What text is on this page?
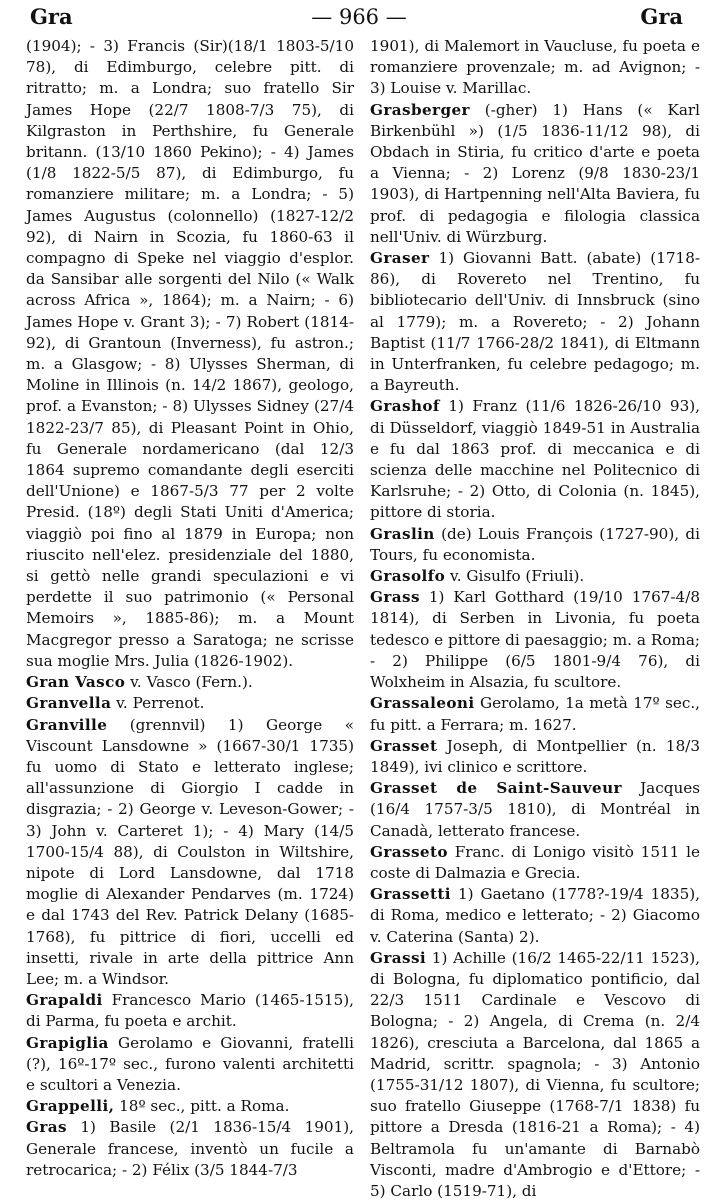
Gra	— 966 —	Gra

(1904); - 3) Francis (Sir)(18/1 1803-5/10 78), di Edimburgo, celebre pitt. di ritratto; m. a Londra; suo fratello Sir James Hope (22/7 1808-7/3 75), di Kilgraston in Perthshire, fu Generale britann. (13/10 1860 Pekino); - 4) James (1/8 1822-5/5 87), di Edimburgo, fu romanziere militare; m. a Londra; - 5) James Augustus (colonnello) (1827-12/2 92), di Nairn in Scozia, fu 1860-63 il compagno di Speke nel viaggio d'esplor. da Sansibar alle sorgenti del Nilo (« Walk across Africa », 1864); m. a Nairn; - 6) James Hope v. Grant 3); - 7) Robert (1814-92), di Grantoun (Inverness), fu astron.; m. a Glasgow; - 8) Ulysses Sherman, di Moline in Illinois (n. 14/2 1867), geologo, prof. a Evanston; - 8) Ulysses Sidney (27/4 1822-23/7 85), di Pleasant Point in Ohio, fu Generale nordamericano (dal 12/3 1864 supremo comandante degli eserciti dell'Unione) e 1867-5/3 77 per 2 volte Presid. (18º) degli Stati Uniti d'America; viaggiò poi fino al 1879 in Europa; non riuscito nell'elez. presidenziale del 1880, si gettò nelle grandi speculazioni e vi perdette il suo patrimonio (« Personal Memoirs », 1885-86); m. a Mount Macgregor presso a Saratoga; ne scrisse sua moglie Mrs. Julia (1826-1902).

Gran Vasco v. Vasco (Fern.).

Granvella v. Perrenot.

Granville (grennvil) 1) George « Viscount Lansdowne » (1667-30/1 1735) fu uomo di Stato e letterato inglese; all'assunzione di Giorgio I cadde in disgrazia; - 2) George v. Leveson-Gower; - 3) John v. Carteret 1); - 4) Mary (14/5 1700-15/4 88), di Coulston in Wiltshire, nipote di Lord Lansdowne, dal 1718 moglie di Alexander Pendarves (m. 1724) e dal 1743 del Rev. Patrick Delany (1685-1768), fu pittrice di fiori, uccelli ed insetti, rivale in arte della pittrice Ann Lee; m. a Windsor.

Grapaldi Francesco Mario (1465-1515), di Parma, fu poeta e archit.

Grapiglia Gerolamo e Giovanni, fratelli (?), 16º-17º sec., furono valenti architetti e scultori a Venezia.

Grappelli, 18º sec., pitt. a Roma.

Gras 1) Basile (2/1 1836-15/4 1901), Generale francese, inventò un fucile a retrocarica; - 2) Félix (3/5 1844-7/3

1901), di Malemort in Vaucluse, fu poeta e romanziere provenzale; m. ad Avignon; - 3) Louise v. Marillac.

Grasberger (-gher) 1) Hans (« Karl Birkenbühl ») (1/5 1836-11/12 98), di Obdach in Stiria, fu critico d'arte e poeta a Vienna; - 2) Lorenz (9/8 1830-23/1 1903), di Hartpenning nell'Alta Baviera, fu prof. di pedagogia e filologia classica nell'Univ. di Würzburg.

Graser 1) Giovanni Batt. (abate) (1718-86), di Rovereto nel Trentino, fu bibliotecario dell'Univ. di Innsbruck (sino al 1779); m. a Rovereto; - 2) Johann Baptist (11/7 1766-28/2 1841), di Eltmann in Unterfranken, fu celebre pedagogo; m. a Bayreuth.

Grashof 1) Franz (11/6 1826-26/10 93), di Düsseldorf, viaggiò 1849-51 in Australia e fu dal 1863 prof. di meccanica e di scienza delle macchine nel Politecnico di Karlsruhe; - 2) Otto, di Colonia (n. 1845), pittore di storia.

Graslin (de) Louis François (1727-90), di Tours, fu economista.

Grasolfo v. Gisulfo (Friuli).

Grass 1) Karl Gotthard (19/10 1767-4/8 1814), di Serben in Livonia, fu poeta tedesco e pittore di paesaggio; m. a Roma; - 2) Philippe (6/5 1801-9/4 76), di Wolxheim in Alsazia, fu scultore.

Grassaleoni Gerolamo, 1a metà 17º sec., fu pitt. a Ferrara; m. 1627.

Grasset Joseph, di Montpellier (n. 18/3 1849), ivi clinico e scrittore.

Grasset de Saint-Sauveur Jacques (16/4 1757-3/5 1810), di Montréal in Canadà, letterato francese.

Grasseto Franc. di Lonigo visitò 1511 le coste di Dalmazia e Grecia.

Grassetti 1) Gaetano (1778?-19/4 1835), di Roma, medico e letterato; - 2) Giacomo v. Caterina (Santa) 2).

Grassi 1) Achille (16/2 1465-22/11 1523), di Bologna, fu diplomatico pontificio, dal 22/3 1511 Cardinale e Vescovo di Bologna; - 2) Angela, di Crema (n. 2/4 1826), cresciuta a Barcelona, dal 1865 a Madrid, scrittr. spagnola; - 3) Antonio (1755-31/12 1807), di Vienna, fu scultore; suo fratello Giuseppe (1768-7/1 1838) fu pittore a Dresda (1816-21 a Roma); - 4) Beltramola fu un'amante di Barnabò Visconti, madre d'Ambrogio e d'Ettore; - 5) Carlo (1519-71), di
